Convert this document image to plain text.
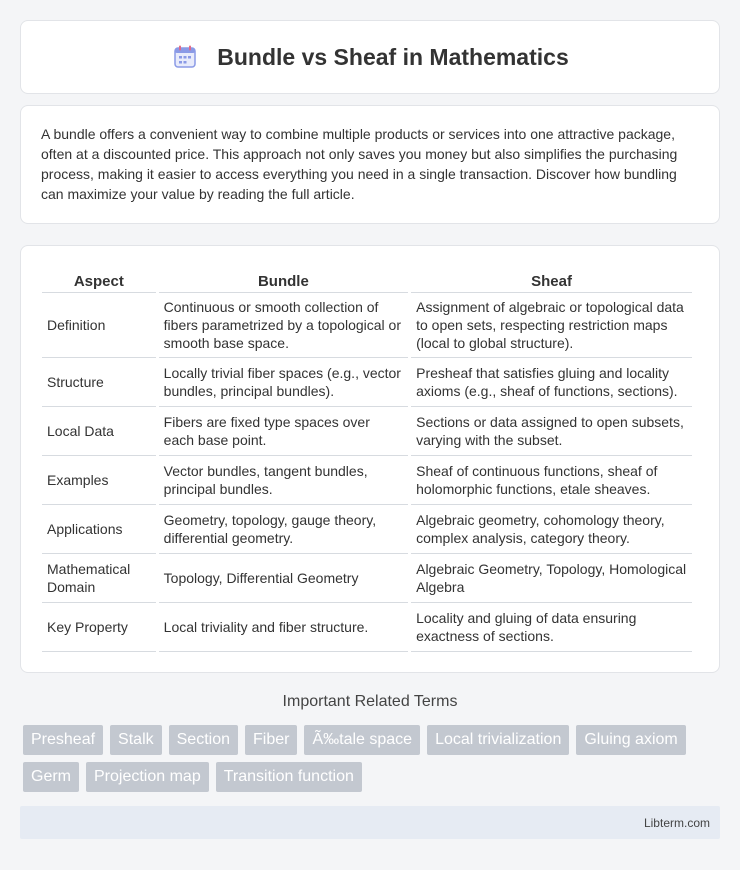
Bundle vs Sheaf in Mathematics

A bundle offers a convenient way to combine multiple products or services into one attractive package, often at a discounted price. This approach not only saves you money but also simplifies the purchasing process, making it easier to access everything you need in a single transaction. Discover how bundling can maximize your value by reading the full article.

Aspect	Bundle	Sheaf
Definition	Continuous or smooth collection of fibers parametrized by a topological or smooth base space.	Assignment of algebraic or topological data to open sets, respecting restriction maps (local to global structure).
Structure	Locally trivial fiber spaces (e.g., vector bundles, principal bundles).	Presheaf that satisfies gluing and locality axioms (e.g., sheaf of functions, sections).
Local Data	Fibers are fixed type spaces over each base point.	Sections or data assigned to open subsets, varying with the subset.
Examples	Vector bundles, tangent bundles, principal bundles.	Sheaf of continuous functions, sheaf of holomorphic functions, etale sheaves.
Applications	Geometry, topology, gauge theory, differential geometry.	Algebraic geometry, cohomology theory, complex analysis, category theory.
Mathematical Domain	Topology, Differential Geometry	Algebraic Geometry, Topology, Homological Algebra
Key Property	Local triviality and fiber structure.	Locality and gluing of data ensuring exactness of sections.
Important Related Terms
Presheaf	Stalk	Section	Fiber	Ã‰tale space	Local trivialization	Gluing axiom
Germ	Projection map	Transition function
Libterm.com
